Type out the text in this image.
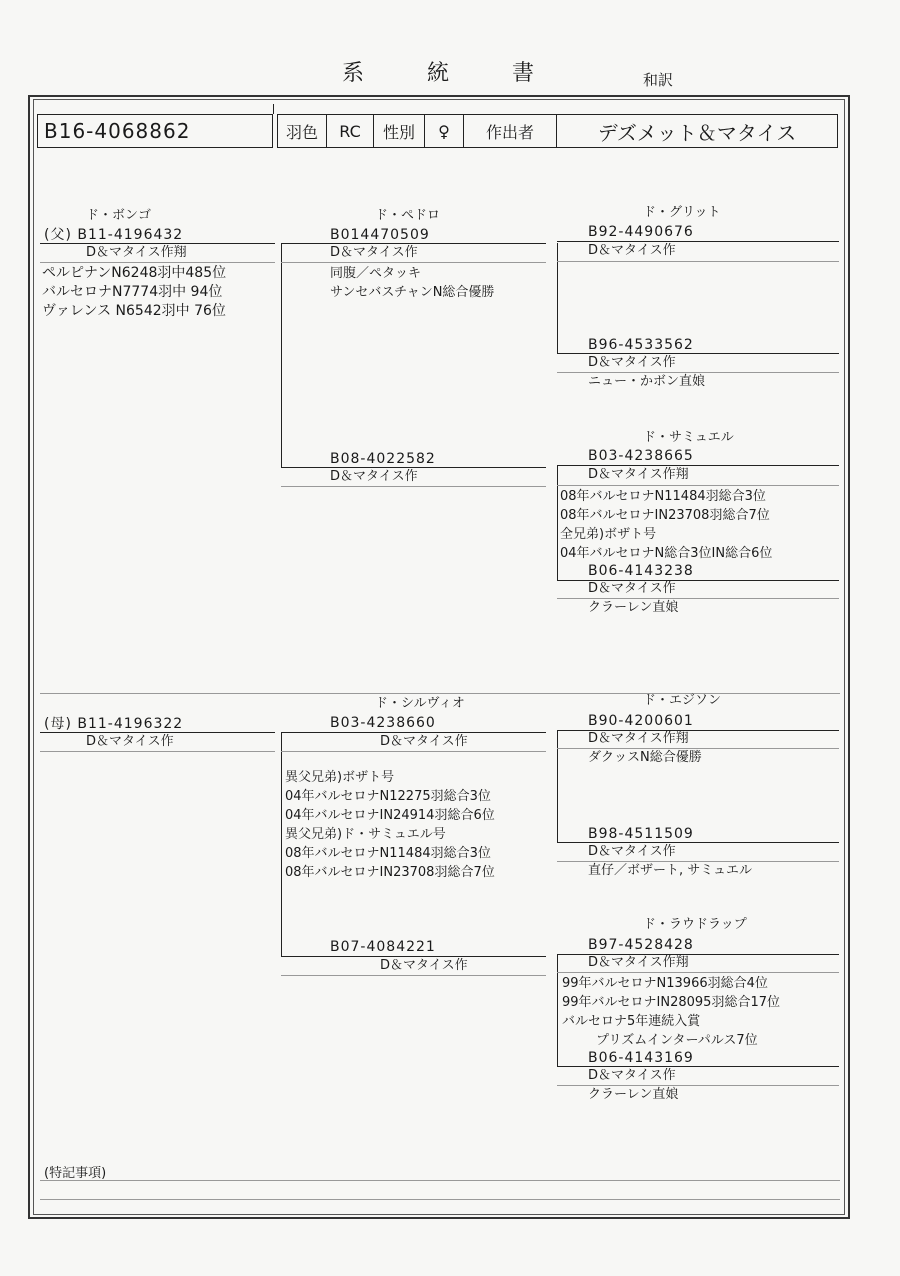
系 統 書	和訳
B16-4068862	羽色 RC 性別 ♀ 作出者	デズメット＆マタイス
ド・ボンゴ
(父) B11-4196432
D＆マタイス作翔
ペルピナンN6248羽中485位
バルセロナN7774羽中 94位
ヴァレンス N6542羽中 76位
ド・ペドロ
B014470509
D＆マタイス作
同腹／ペタッキ
サンセバスチャンN総合優勝
B08-4022582
D＆マタイス作
ド・グリット
B92-4490676
D＆マタイス作
B96-4533562
D＆マタイス作
ニュー・かボン直娘
ド・サミュエル
B03-4238665
D＆マタイス作翔
08年バルセロナN11484羽総合3位
08年バルセロナIN23708羽総合7位
全兄弟)ボザト号
04年バルセロナN総合3位IN総合6位
B06-4143238
D＆マタイス作
クラーレン直娘
(母) B11-4196322
D＆マタイス作
ド・シルヴィオ
B03-4238660
D＆マタイス作
異父兄弟)ボザト号
04年バルセロナN12275羽総合3位
04年バルセロナIN24914羽総合6位
異父兄弟)ド・サミュエル号
08年バルセロナN11484羽総合3位
08年バルセロナIN23708羽総合7位
B07-4084221
D＆マタイス作
ド・エジソン
B90-4200601
D＆マタイス作翔
ダクッスN総合優勝
B98-4511509
D＆マタイス作
直仔／ボザート, サミュエル
ド・ラウドラップ
B97-4528428
D＆マタイス作翔
99年バルセロナN13966羽総合4位
99年バルセロナIN28095羽総合17位
バルセロナ5年連続入賞
プリズムインターパルス7位
B06-4143169
D＆マタイス作
クラーレン直娘
(特記事項)
